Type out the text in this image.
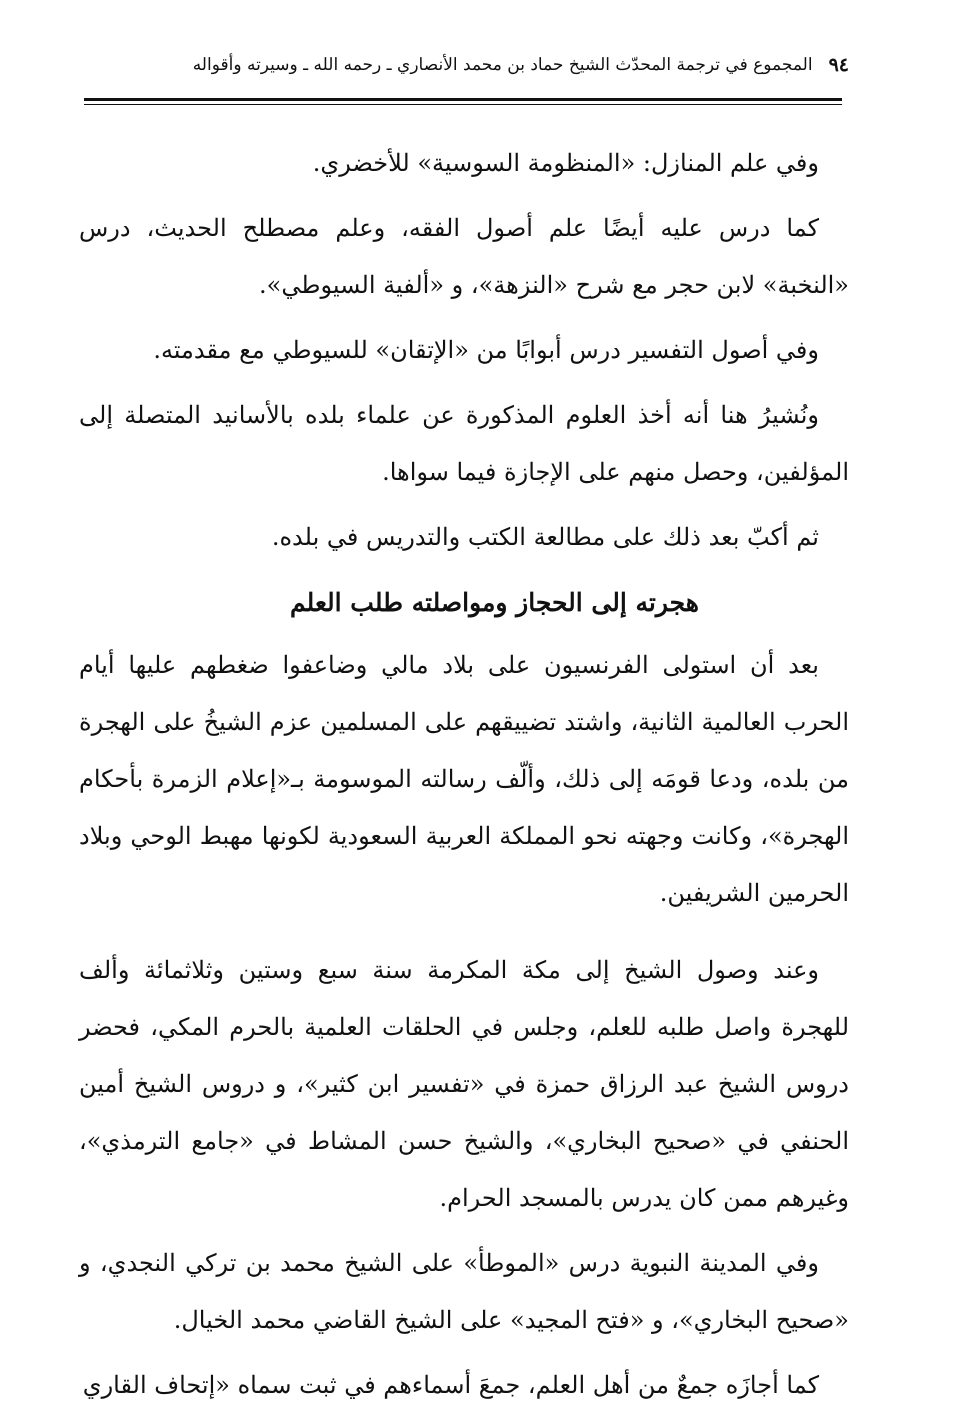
٩٤
المجموع في ترجمة المحدّث الشيخ حماد بن محمد الأنصاري ـ رحمه الله ـ وسيرته وأقواله

وفي علم المنازل: «المنظومة السوسية» للأخضري.

كما درس عليه أيضًا علم أصول الفقه، وعلم مصطلح الحديث، درس «النخبة» لابن حجر مع شرح «النزهة»، و «ألفية السيوطي».

وفي أصول التفسير درس أبوابًا من «الإتقان» للسيوطي مع مقدمته.

ونُشيرُ هنا أنه أخذ العلوم المذكورة عن علماء بلده بالأسانيد المتصلة إلى المؤلفين، وحصل منهم على الإجازة فيما سواها.

ثم أكبّ بعد ذلك على مطالعة الكتب والتدريس في بلده.

هجرته إلى الحجاز ومواصلته طلب العلم

بعد أن استولى الفرنسيون على بلاد مالي وضاعفوا ضغطهم عليها أيام الحرب العالمية الثانية، واشتد تضييقهم على المسلمين عزم الشيخُ على الهجرة من بلده، ودعا قومَه إلى ذلك، وألّف رسالته الموسومة بـ«إعلام الزمرة بأحكام الهجرة»، وكانت وجهته نحو المملكة العربية السعودية لكونها مهبط الوحي وبلاد الحرمين الشريفين.

وعند وصول الشيخ إلى مكة المكرمة سنة سبع وستين وثلاثمائة وألف للهجرة واصل طلبه للعلم، وجلس في الحلقات العلمية بالحرم المكي، فحضر دروس الشيخ عبد الرزاق حمزة في «تفسير ابن كثير»، و دروس الشيخ أمين الحنفي في «صحيح البخاري»، والشيخ حسن المشاط في «جامع الترمذي»، وغيرهم ممن كان يدرس بالمسجد الحرام.

وفي المدينة النبوية درس «الموطأ» على الشيخ محمد بن تركي النجدي، و «صحيح البخاري»، و «فتح المجيد» على الشيخ القاضي محمد الخيال.

كما أجازَه جمعٌ من أهل العلم، جمعَ أسماءهم في ثبت سماه «إتحاف القاري
